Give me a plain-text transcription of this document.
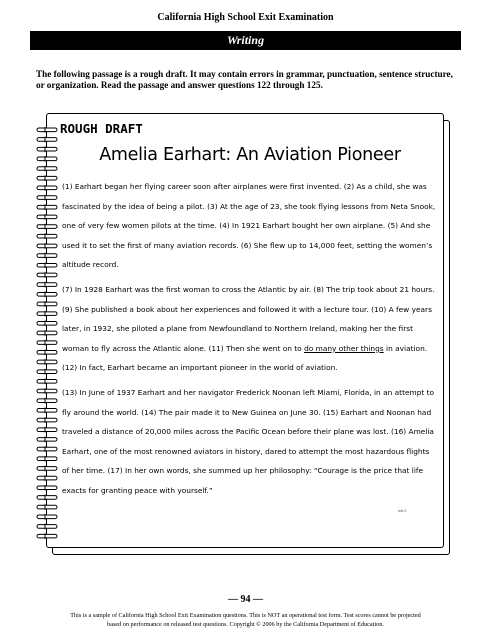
California High School Exit Examination
Writing
The following passage is a rough draft. It may contain errors in grammar, punctuation, sentence structure, or organization. Read the passage and answer questions 122 through 125.
ROUGH DRAFT
Amelia Earhart: An Aviation Pioneer

(1) Earhart began her flying career soon after airplanes were first invented. (2) As a child, she was fascinated by the idea of being a pilot. (3) At the age of 23, she took flying lessons from Neta Snook, one of very few women pilots at the time. (4) In 1921 Earhart bought her own airplane. (5) And she used it to set the first of many aviation records. (6) She flew up to 14,000 feet, setting the women’s altitude record.

(7) In 1928 Earhart was the first woman to cross the Atlantic by air. (8) The trip took about 21 hours. (9) She published a book about her experiences and followed it with a lecture tour. (10) A few years later, in 1932, she piloted a plane from Newfoundland to Northern Ireland, making her the first woman to fly across the Atlantic alone. (11) Then she went on to do many other things in aviation. (12) In fact, Earhart became an important pioneer in the world of aviation.

(13) In June of 1937 Earhart and her navigator Frederick Noonan left Miami, Florida, in an attempt to fly around the world. (14) The pair made it to New Guinea on June 30. (15) Earhart and Noonan had traveled a distance of 20,000 miles across the Pacific Ocean before their plane was lost. (16) Amelia Earhart, one of the most renowned aviators in history, dared to attempt the most hazardous flights of her time. (17) In her own words, she summed up her philosophy: “Courage is the price that life exacts for granting peace with yourself.”

wtr.2
— 94 —
This is a sample of California High School Exit Examination questions. This is NOT an operational test form. Test scores cannot be projected
based on performance on released test questions. Copyright © 2006 by the California Department of Education.
